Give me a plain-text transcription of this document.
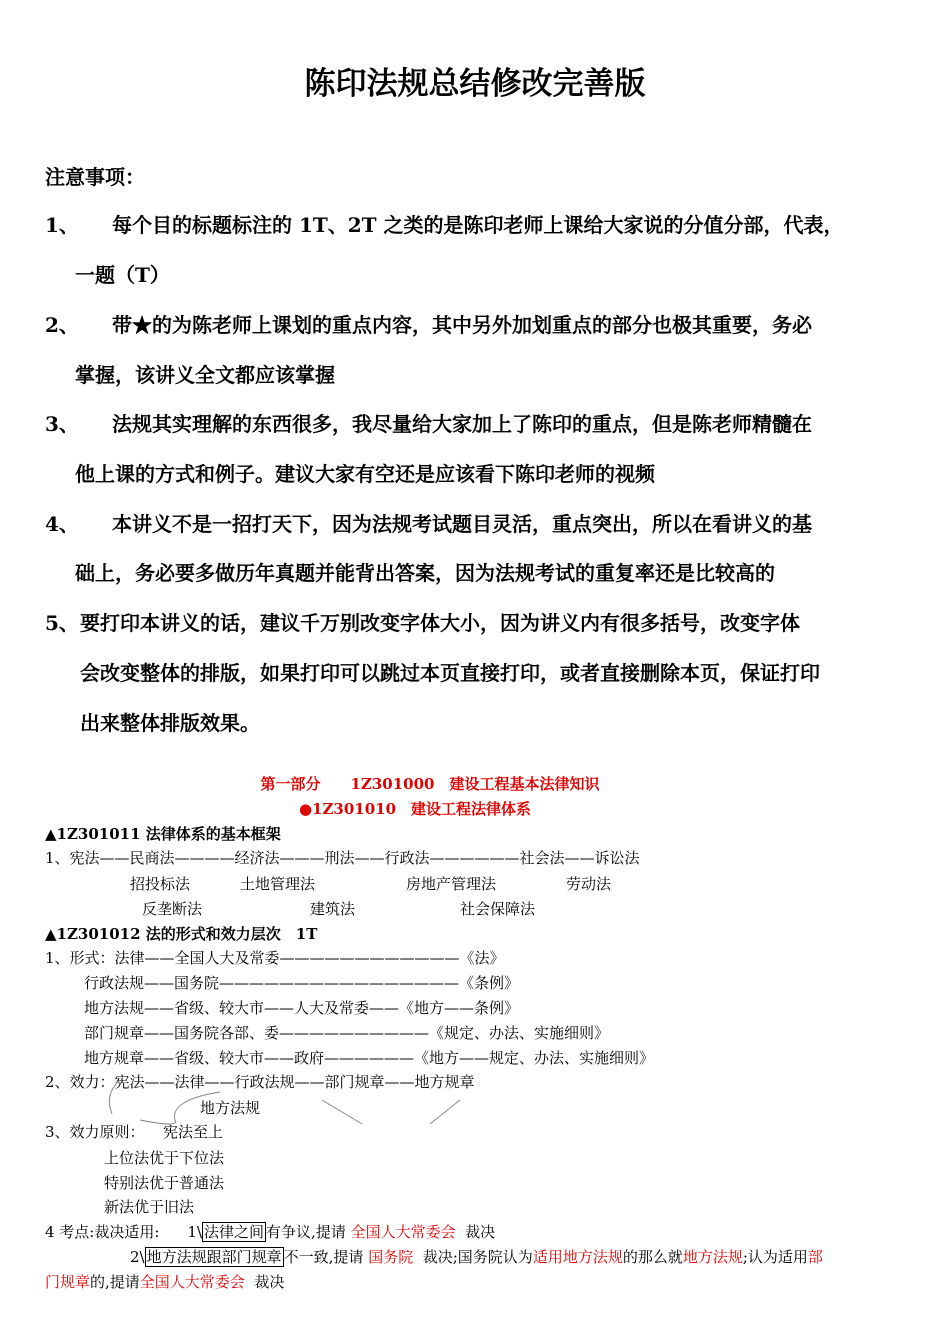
陈印法规总结修改完善版
注意事项：
1、 每个目的标题标注的 1T、2T 之类的是陈印老师上课给大家说的分值分部，代表，
一题（T）
2、 带★的为陈老师上课划的重点内容，其中另外加划重点的部分也极其重要，务必
掌握，该讲义全文都应该掌握
3、 法规其实理解的东西很多，我尽量给大家加上了陈印的重点，但是陈老师精髓在
他上课的方式和例子。建议大家有空还是应该看下陈印老师的视频
4、 本讲义不是一招打天下，因为法规考试题目灵活，重点突出，所以在看讲义的基
础上，务必要多做历年真题并能背出答案，因为法规考试的重复率还是比较高的
5、 要打印本讲义的话，建议千万别改变字体大小，因为讲义内有很多括号，改变字体
会改变整体的排版，如果打印可以跳过本页直接打印，或者直接删除本页，保证打印
出来整体排版效果。
第一部分　　1Z301000　建设工程基本法律知识
●1Z301010　建设工程法律体系
▲1Z301011 法律体系的基本框架
1、宪法——民商法————经济法———刑法——行政法——————社会法——诉讼法
招投标法	土地管理法	房地产管理法	劳动法
反垄断法	建筑法	社会保障法
▲1Z301012 法的形式和效力层次　1T
1、形式：法律——全国人大及常委————————————《法》
行政法规——国务院————————————————《条例》
地方法规——省级、较大市——人大及常委——《地方——条例》
部门规章——国务院各部、委——————————《规定、办法、实施细则》
地方规章——省级、较大市——政府——————《地方——规定、办法、实施细则》
2、效力：宪法——法律——行政法规——部门规章——地方规章
地方法规
3、效力原则： 宪法至上
上位法优于下位法
特别法优于普通法
新法优于旧法
4 考点:裁决适用: 1\ 法律之间 有争议,提请 全国人大常委会 裁决
2\ 地方法规跟部门规章 不一致,提请 国务院 裁决;国务院认为适用地方法规的那么就地方法规;认为适用部
门规章的,提请全国人大常委会 裁决
